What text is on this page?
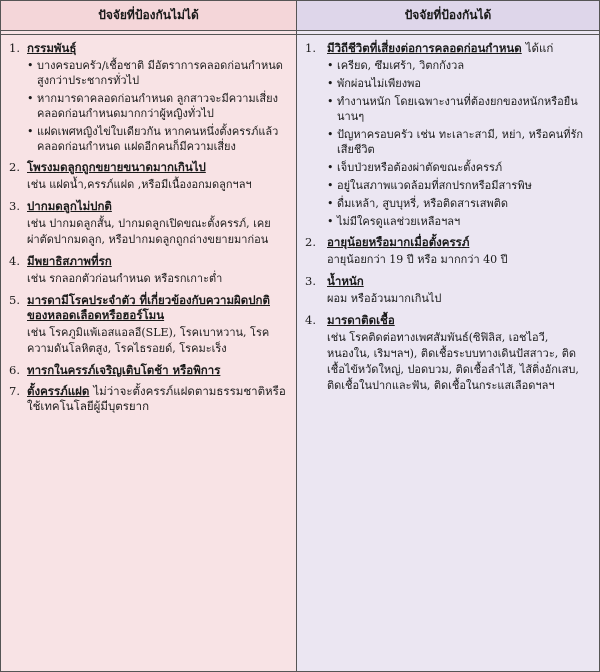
ปัจจัยที่ป้องกันไม่ได้
1. กรรมพันธุ์
• บางครอบครัว/เชื้อชาติ มีอัตราการคลอดก่อนกำหนดสูงกว่าประชากรทั่วไป
• หากมารดาคลอดก่อนกำหนด ลูกสาวจะมีความเสี่ยงคลอดก่อนกำหนดมากกว่าผู้หญิงทั่วไป
• แฝดเพศหญิงไข่ใบเดียวกัน หากคนหนึ่งตั้งครรภ์แล้วคลอดก่อนกำหนด แฝดอีกคนก็มีความเสี่ยง
2. โพรงมดลูกถูกขยายขนาดมากเกินไป
เช่น แฝดน้ำ,ครรภ์แฝด ,หรือมีเนื้องอกมดลูกฯลฯ
3. ปากมดลูกไม่ปกติ
เช่น ปากมดลูกสั้น, ปากมดลูกเปิดขณะตั้งครรภ์, เคยผ่าตัดปากมดลูก, หรือปากมดลูกถูกถ่างขยายมาก่อน
4. มีพยาธิสภาพที่รก
เช่น รกลอกตัวก่อนกำหนด หรือรกเกาะต่ำ
5. มารดามีโรคประจำตัว ที่เกี่ยวข้องกับความผิดปกติของหลอดเลือดหรือฮอร์โมน
เช่น โรคภูมิแพ้เอสแอลอี(SLE), โรคเบาหวาน, โรคความดันโลหิตสูง, โรคไธรอยด์, โรคมะเร็ง
6. ทารกในครรภ์เจริญเติบโตช้า หรือพิการ
7. ตั้งครรภ์แฝด ไม่ว่าจะตั้งครรภ์แฝดตามธรรมชาติหรือใช้เทคโนโลยีผู้มีบุตรยาก
ปัจจัยที่ป้องกันได้
1. มีวิถีชีวิตที่เสี่ยงต่อการคลอดก่อนกำหนด ได้แก่
• เครียด, ซึมเศร้า, วิตกกังวล
• พักผ่อนไม่เพียงพอ
• ทำงานหนัก โดยเฉพาะงานที่ต้องยกของหนักหรือยืนนานๆ
• ปัญหาครอบครัว เช่น ทะเลาะสามี, หย่า, หรือคนที่รักเสียชีวิต
• เจ็บป่วยหรือต้องผ่าตัดขณะตั้งครรภ์
• อยู่ในสภาพแวดล้อมที่สกปรกหรือมีสารพิษ
• ดื่มเหล้า, สูบบุหรี่, หรือติดสารเสพติด
• ไม่มีใครดูแลช่วยเหลือฯลฯ
2. อายุน้อยหรือมากเมื่อตั้งครรภ์
อายุน้อยกว่า 19 ปี หรือ มากกว่า 40 ปี
3. น้ำหนัก
ผอม หรืออ้วนมากเกินไป
4. มารดาติดเชื้อ
เช่น โรคติดต่อทางเพศสัมพันธ์(ซิฟิลิส, เอชไอวี, หนองใน, เริมฯลฯ), ติดเชื้อระบบทางเดินปัสสาวะ, ติดเชื้อไข้หวัดใหญ่, ปอดบวม, ติดเชื้อลำไส้, ไส้ติ่งอักเสบ, ติดเชื้อในปากและฟัน, ติดเชื้อในกระแสเลือดฯลฯ
